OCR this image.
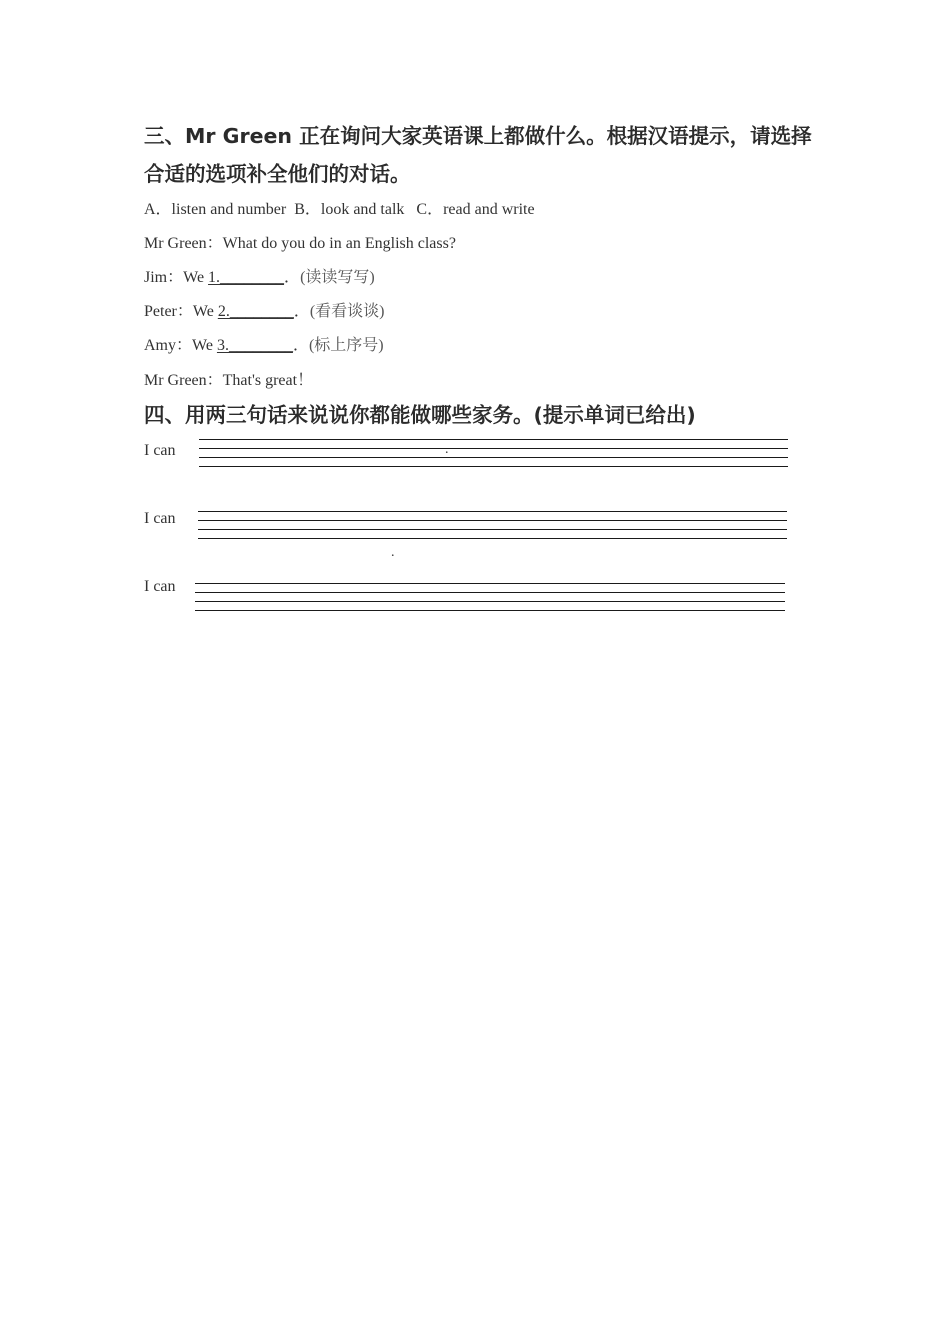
三、Mr Green 正在询问大家英语课上都做什么。根据汉语提示，请选择合适的选项补全他们的对话。
A．listen and number  B．look and talk   C．read and write
Mr Green：What do you do in an English class?
Jim：We 1.________．(读读写写)
Peter：We 2.________．(看看谈谈)
Amy：We 3.________．(标上序号)
Mr Green：That's great！
四、用两三句话来说说你都能做哪些家务。(提示单词已给出)
I can	.
I can
.
I can
